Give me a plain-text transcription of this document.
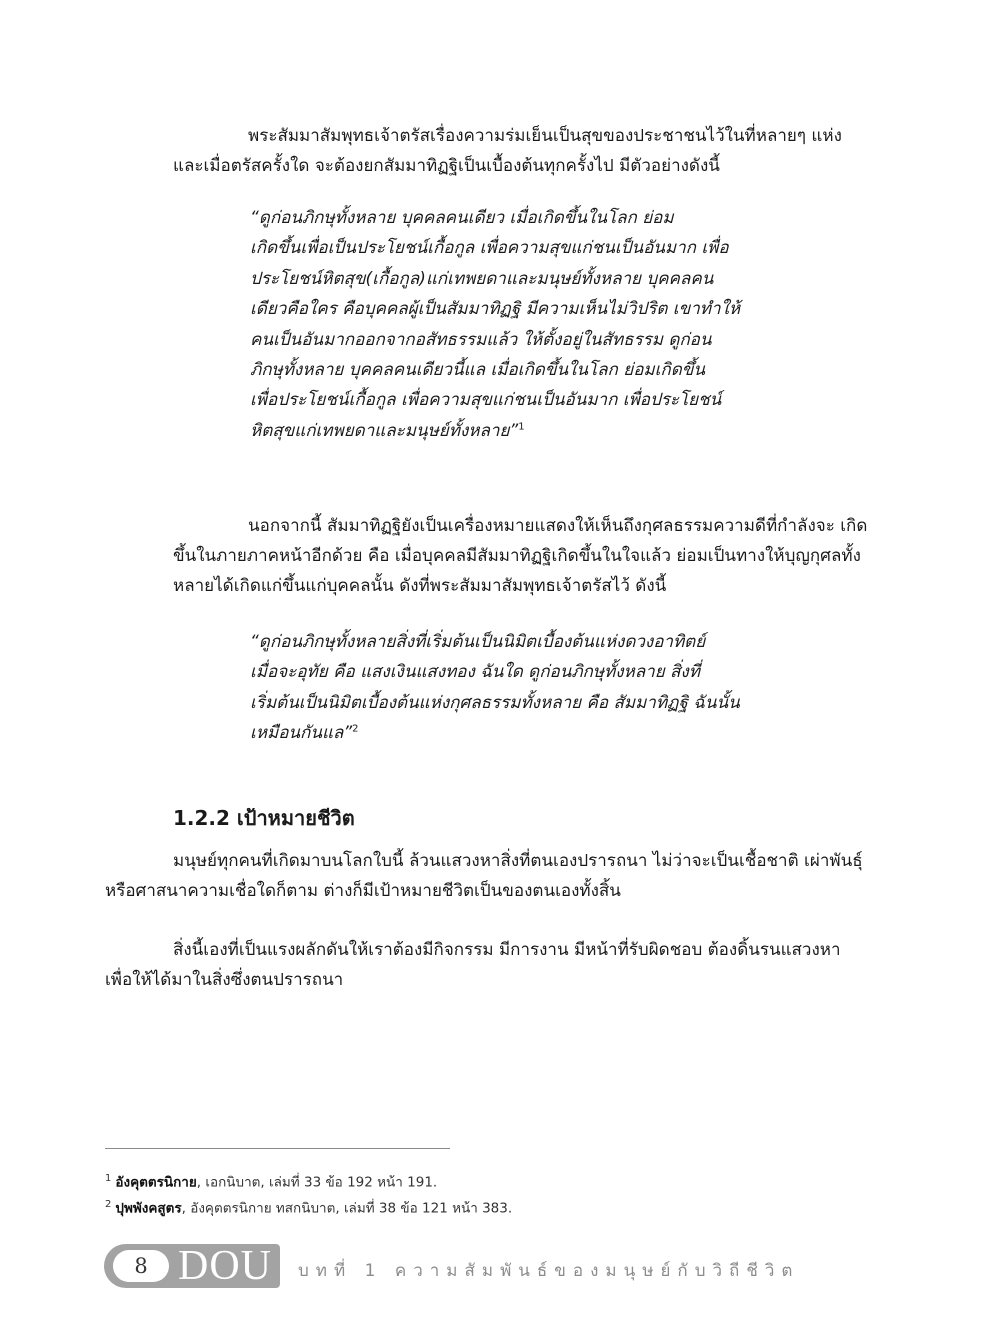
พระสัมมาสัมพุทธเจ้าตรัสเรื่องความร่มเย็นเป็นสุขของประชาชนไว้ในที่หลายๆ แห่ง
และเมื่อตรัสครั้งใด จะต้องยกสัมมาทิฏฐิเป็นเบื้องต้นทุกครั้งไป มีตัวอย่างดังนี้
“ดูก่อนภิกษุทั้งหลาย บุคคลคนเดียว เมื่อเกิดขึ้นในโลก ย่อม
เกิดขึ้นเพื่อเป็นประโยชน์เกื้อกูล เพื่อความสุขแก่ชนเป็นอันมาก เพื่อ
ประโยชน์หิตสุข(เกื้อกูล)แก่เทพยดาและมนุษย์ทั้งหลาย บุคคลคน
เดียวคือใคร คือบุคคลผู้เป็นสัมมาทิฏฐิ มีความเห็นไม่วิปริต เขาทำให้
คนเป็นอันมากออกจากอสัทธรรมแล้ว ให้ตั้งอยู่ในสัทธรรม ดูก่อน
ภิกษุทั้งหลาย บุคคลคนเดียวนี้แล เมื่อเกิดขึ้นในโลก ย่อมเกิดขึ้น
เพื่อประโยชน์เกื้อกูล เพื่อความสุขแก่ชนเป็นอันมาก เพื่อประโยชน์
หิตสุขแก่เทพยดาและมนุษย์ทั้งหลาย”$^1$
นอกจากนี้ สัมมาทิฏฐิยังเป็นเครื่องหมายแสดงให้เห็นถึงกุศลธรรมความดีที่กำลังจะ เกิด
ขึ้นในภายภาคหน้าอีกด้วย คือ เมื่อบุคคลมีสัมมาทิฏฐิเกิดขึ้นในใจแล้ว ย่อมเป็นทางให้บุญกุศลทั้ง
หลายได้เกิดแก่ขึ้นแก่บุคคลนั้น ดังที่พระสัมมาสัมพุทธเจ้าตรัสไว้ ดังนี้
“ดูก่อนภิกษุทั้งหลายสิ่งที่เริ่มต้นเป็นนิมิตเบื้องต้นแห่งดวงอาทิตย์
เมื่อจะอุทัย คือ แสงเงินแสงทอง ฉันใด ดูก่อนภิกษุทั้งหลาย สิ่งที่
เริ่มต้นเป็นนิมิตเบื้องต้นแห่งกุศลธรรมทั้งหลาย คือ สัมมาทิฏฐิ ฉันนั้น
เหมือนกันแล”$^2$
1.2.2 เป้าหมายชีวิต
มนุษย์ทุกคนที่เกิดมาบนโลกใบนี้ ล้วนแสวงหาสิ่งที่ตนเองปรารถนา ไม่ว่าจะเป็นเชื้อชาติ เผ่าพันธุ์
หรือศาสนาความเชื่อใดก็ตาม ต่างก็มีเป้าหมายชีวิตเป็นของตนเองทั้งสิ้น
สิ่งนี้เองที่เป็นแรงผลักดันให้เราต้องมีกิจกรรม มีการงาน มีหน้าที่รับผิดชอบ ต้องดิ้นรนแสวงหา
เพื่อให้ได้มาในสิ่งซึ่งตนปรารถนา
$^1$ อังคุตตรนิกาย, เอกนิบาต, เล่มที่ 33 ข้อ 192 หน้า 191.
$^2$ ปุพพังคสูตร, อังคุตตรนิกาย ทสกนิบาต, เล่มที่ 38 ข้อ 121 หน้า 383.
8 DOU บทที่ 1 ความสัมพันธ์ของมนุษย์กับวิถีชีวิต
